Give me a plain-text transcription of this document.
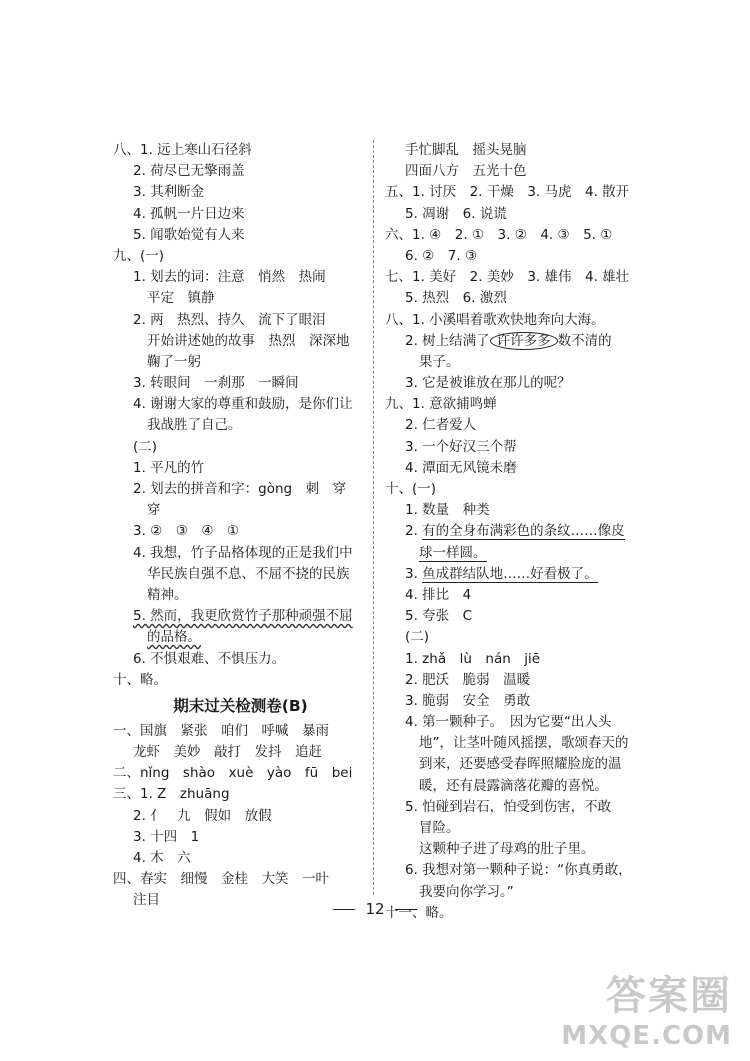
八、1. 远上寒山石径斜
2. 荷尽已无擎雨盖
3. 其利断金
4. 孤帆一片日边来
5. 闻歌始觉有人来
九、(一)
1. 划去的词：注意　悄然　热闹
平定　镇静
2. 两　热烈、持久　流下了眼泪
开始讲述她的故事　热烈　深深地
鞠了一躬
3. 转眼间　一刹那　一瞬间
4. 谢谢大家的尊重和鼓励，是你们让
我战胜了自己。
(二)
1. 平凡的竹
2. 划去的拼音和字：gòng　刺　穿
穿
3. ②　③　④　①
4. 我想，竹子品格体现的正是我们中
华民族自强不息、不屈不挠的民族
精神。
5. 然而，我更欣赏竹子那种顽强不屈
的品格。
6. 不惧艰难、不惧压力。
十、略。
期末过关检测卷(B)
一、国旗　紧张　咱们　呼喊　暴雨
龙虾　美妙　敲打　发抖　追赶
二、nǐng　shào　xuè　yào　fū　bei
三、1. Z　zhuāng
2. 亻　九　假如　放假
3. 十四　1
4. 木　六
四、春实　细慢　金桂　大笑　一叶
注目
手忙脚乱　摇头晃脑
四面八方　五光十色
五、1. 讨厌　2. 干燥　3. 马虎　4. 散开
5. 凋谢　6. 说谎
六、1. ④　2. ①　3. ②　4. ③　5. ①
6. ②　7. ③
七、1. 美好　2. 美妙　3. 雄伟　4. 雄壮
5. 热烈　6. 激烈
八、1. 小溪唱着歌欢快地奔向大海。
2. 树上结满了 许许多多 数不清的
果子。
3. 它是被谁放在那儿的呢？
九、1. 意欲捕鸣蝉
2. 仁者爱人
3. 一个好汉三个帮
4. 潭面无风镜未磨
十、(一)
1. 数量　种类
2. 有的全身布满彩色的条纹……像皮
球一样圆。
3. 鱼成群结队地……好看极了。
4. 排比　4
5. 夸张　C
(二)
1. zhǎ　lù　nán　jiē
2. 肥沃　脆弱　温暖
3. 脆弱　安全　勇敢
4. 第一颗种子。　因为它要“出人头
地”，让茎叶随风摇摆，歌颂春天的
到来，还要感受春晖照耀脸庞的温
暖，还有晨露滴落花瓣的喜悦。
5. 怕碰到岩石，怕受到伤害，不敢
冒险。
这颗种子进了母鸡的肚子里。
6. 我想对第一颗种子说：“你真勇敢，
我要向你学习。”
十一、略。
12
答案圈
MXQE.COM
